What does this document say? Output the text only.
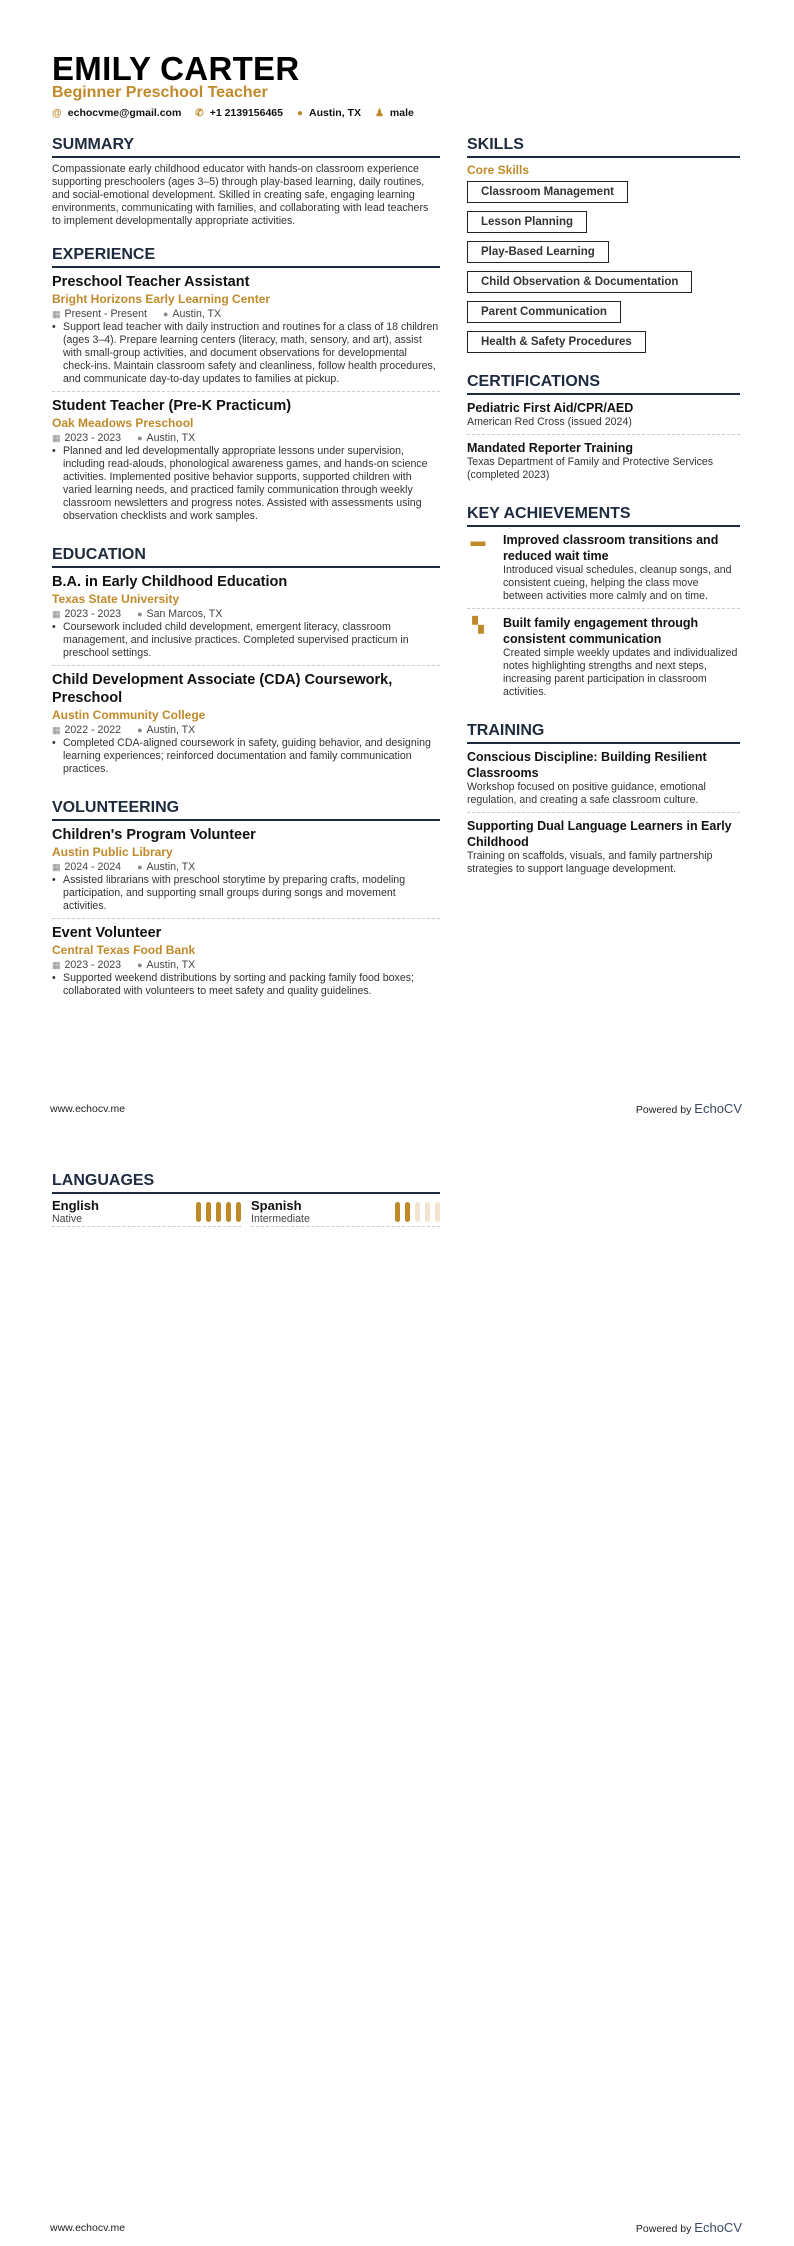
EMILY CARTER
Beginner Preschool Teacher
@ echocvme@gmail.com ✆ +1 2139156465 ● Austin, TX ♟ male
SUMMARY
Compassionate early childhood educator with hands-on classroom experience supporting preschoolers (ages 3–5) through play-based learning, daily routines, and social-emotional development. Skilled in creating safe, engaging learning environments, communicating with families, and collaborating with lead teachers to implement developmentally appropriate activities.
EXPERIENCE
Preschool Teacher Assistant
Bright Horizons Early Learning Center
▦ Present - Present ● Austin, TX
• Support lead teacher with daily instruction and routines for a class of 18 children (ages 3–4). Prepare learning centers (literacy, math, sensory, and art), assist with small-group activities, and document observations for developmental check-ins. Maintain classroom safety and cleanliness, follow health procedures, and communicate day-to-day updates to families at pickup.
Student Teacher (Pre-K Practicum)
Oak Meadows Preschool
▦ 2023 - 2023 ● Austin, TX
• Planned and led developmentally appropriate lessons under supervision, including read-alouds, phonological awareness games, and hands-on science activities. Implemented positive behavior supports, supported children with varied learning needs, and practiced family communication through weekly classroom newsletters and progress notes. Assisted with assessments using observation checklists and work samples.
EDUCATION
B.A. in Early Childhood Education
Texas State University
▦ 2023 - 2023 ● San Marcos, TX
• Coursework included child development, emergent literacy, classroom management, and inclusive practices. Completed supervised practicum in preschool settings.
Child Development Associate (CDA) Coursework, Preschool
Austin Community College
▦ 2022 - 2022 ● Austin, TX
• Completed CDA-aligned coursework in safety, guiding behavior, and designing learning experiences; reinforced documentation and family communication practices.
VOLUNTEERING
Children's Program Volunteer
Austin Public Library
▦ 2024 - 2024 ● Austin, TX
• Assisted librarians with preschool storytime by preparing crafts, modeling participation, and supporting small groups during songs and movement activities.
Event Volunteer
Central Texas Food Bank
▦ 2023 - 2023 ● Austin, TX
• Supported weekend distributions by sorting and packing family food boxes; collaborated with volunteers to meet safety and quality guidelines.
SKILLS
Core Skills
Classroom Management
Lesson Planning
Play-Based Learning
Child Observation & Documentation
Parent Communication
Health & Safety Procedures
CERTIFICATIONS
Pediatric First Aid/CPR/AED
American Red Cross (issued 2024)
Mandated Reporter Training
Texas Department of Family and Protective Services (completed 2023)
KEY ACHIEVEMENTS
▬ Improved classroom transitions and reduced wait time
Introduced visual schedules, cleanup songs, and consistent cueing, helping the class move between activities more calmly and on time.
▚	Built family engagement through consistent communication
Created simple weekly updates and individualized notes highlighting strengths and next steps, increasing parent participation in classroom activities.
TRAINING
Conscious Discipline: Building Resilient Classrooms
Workshop focused on positive guidance, emotional regulation, and creating a safe classroom culture.
Supporting Dual Language Learners in Early Childhood
Training on scaffolds, visuals, and family partnership strategies to support language development.
www.echocv.me	Powered by EchoCV
LANGUAGES
English
Native
Spanish
Intermediate
www.echocv.me	Powered by EchoCV
